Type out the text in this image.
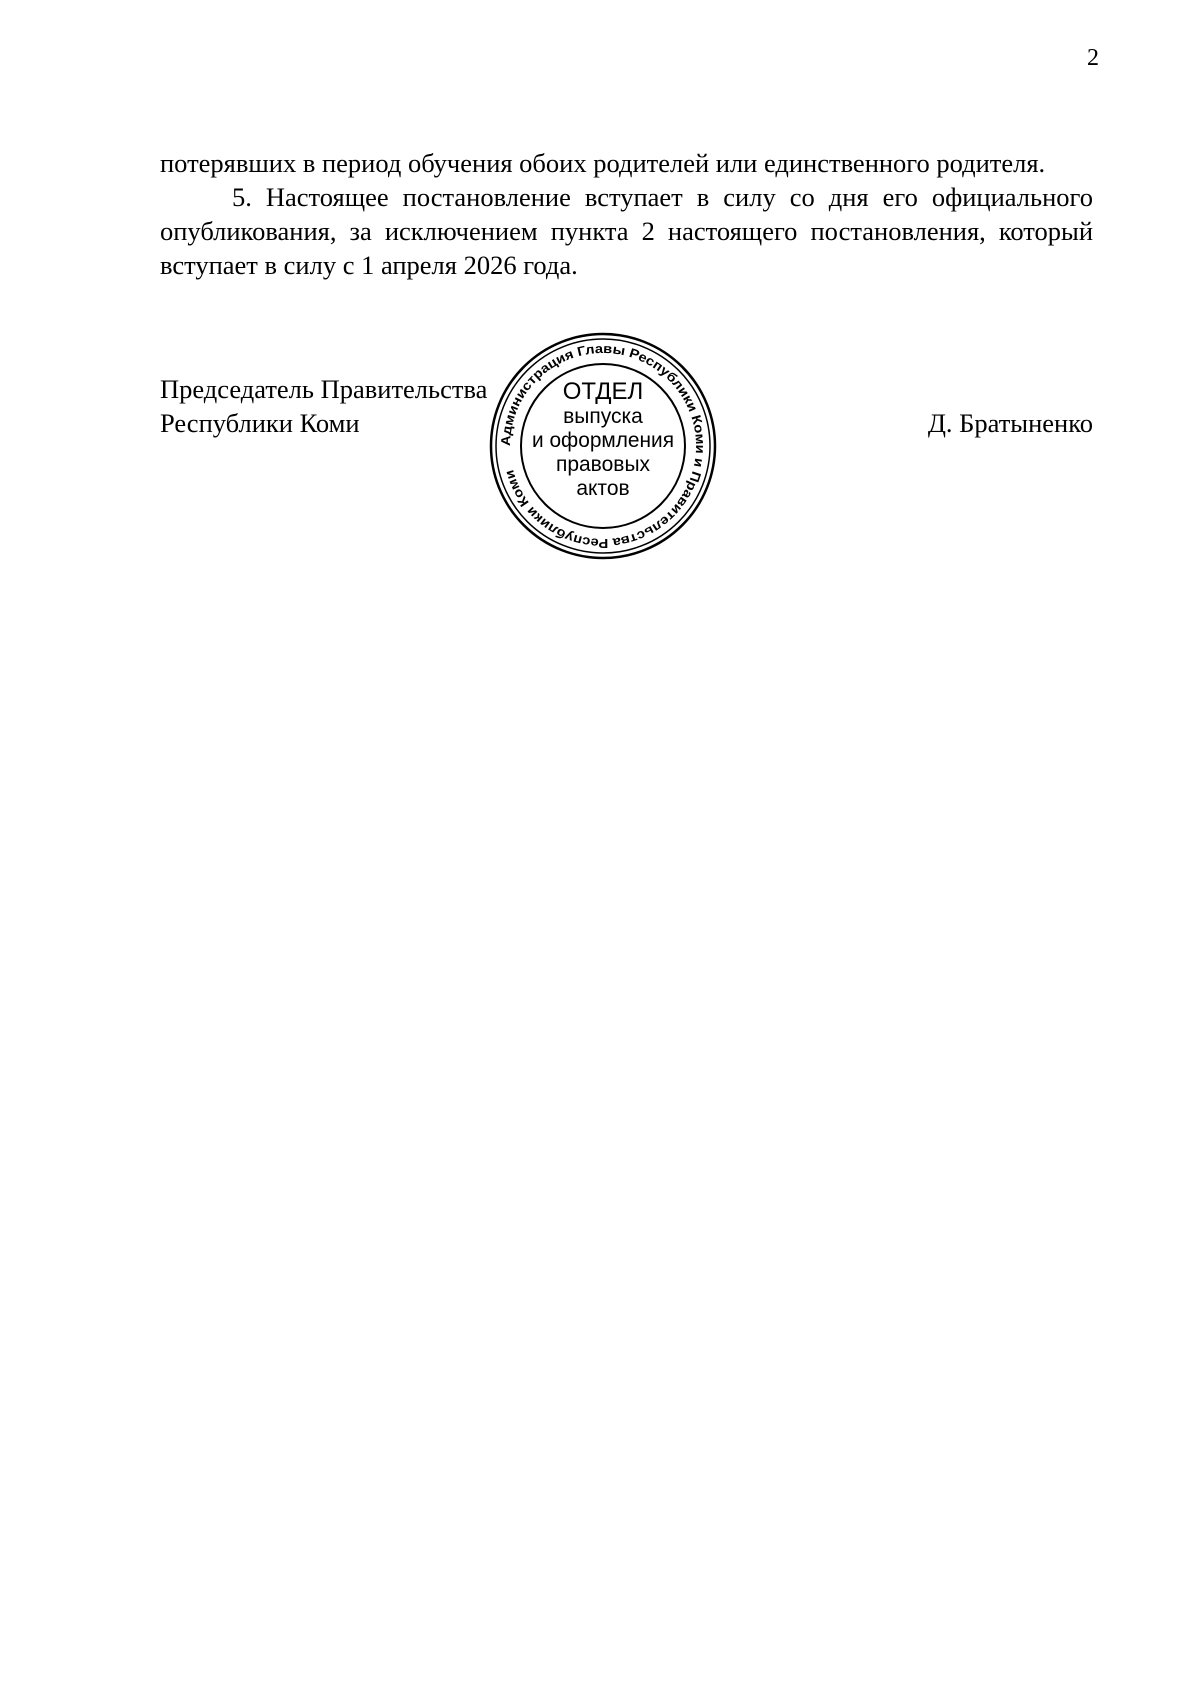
2

потерявших в период обучения обоих родителей или единственного родителя.

5. Настоящее постановление вступает в силу со дня его официального опубликования, за исключением пункта 2 настоящего постановления, который вступает в силу с 1 апреля 2026 года.

Председатель Правительства
Республики Коми	Д. Братыненко
Администрация Главы Республики Коми и Правительства Республики Коми
ОТДЕЛ
выпуска
и оформления
правовых
актов
